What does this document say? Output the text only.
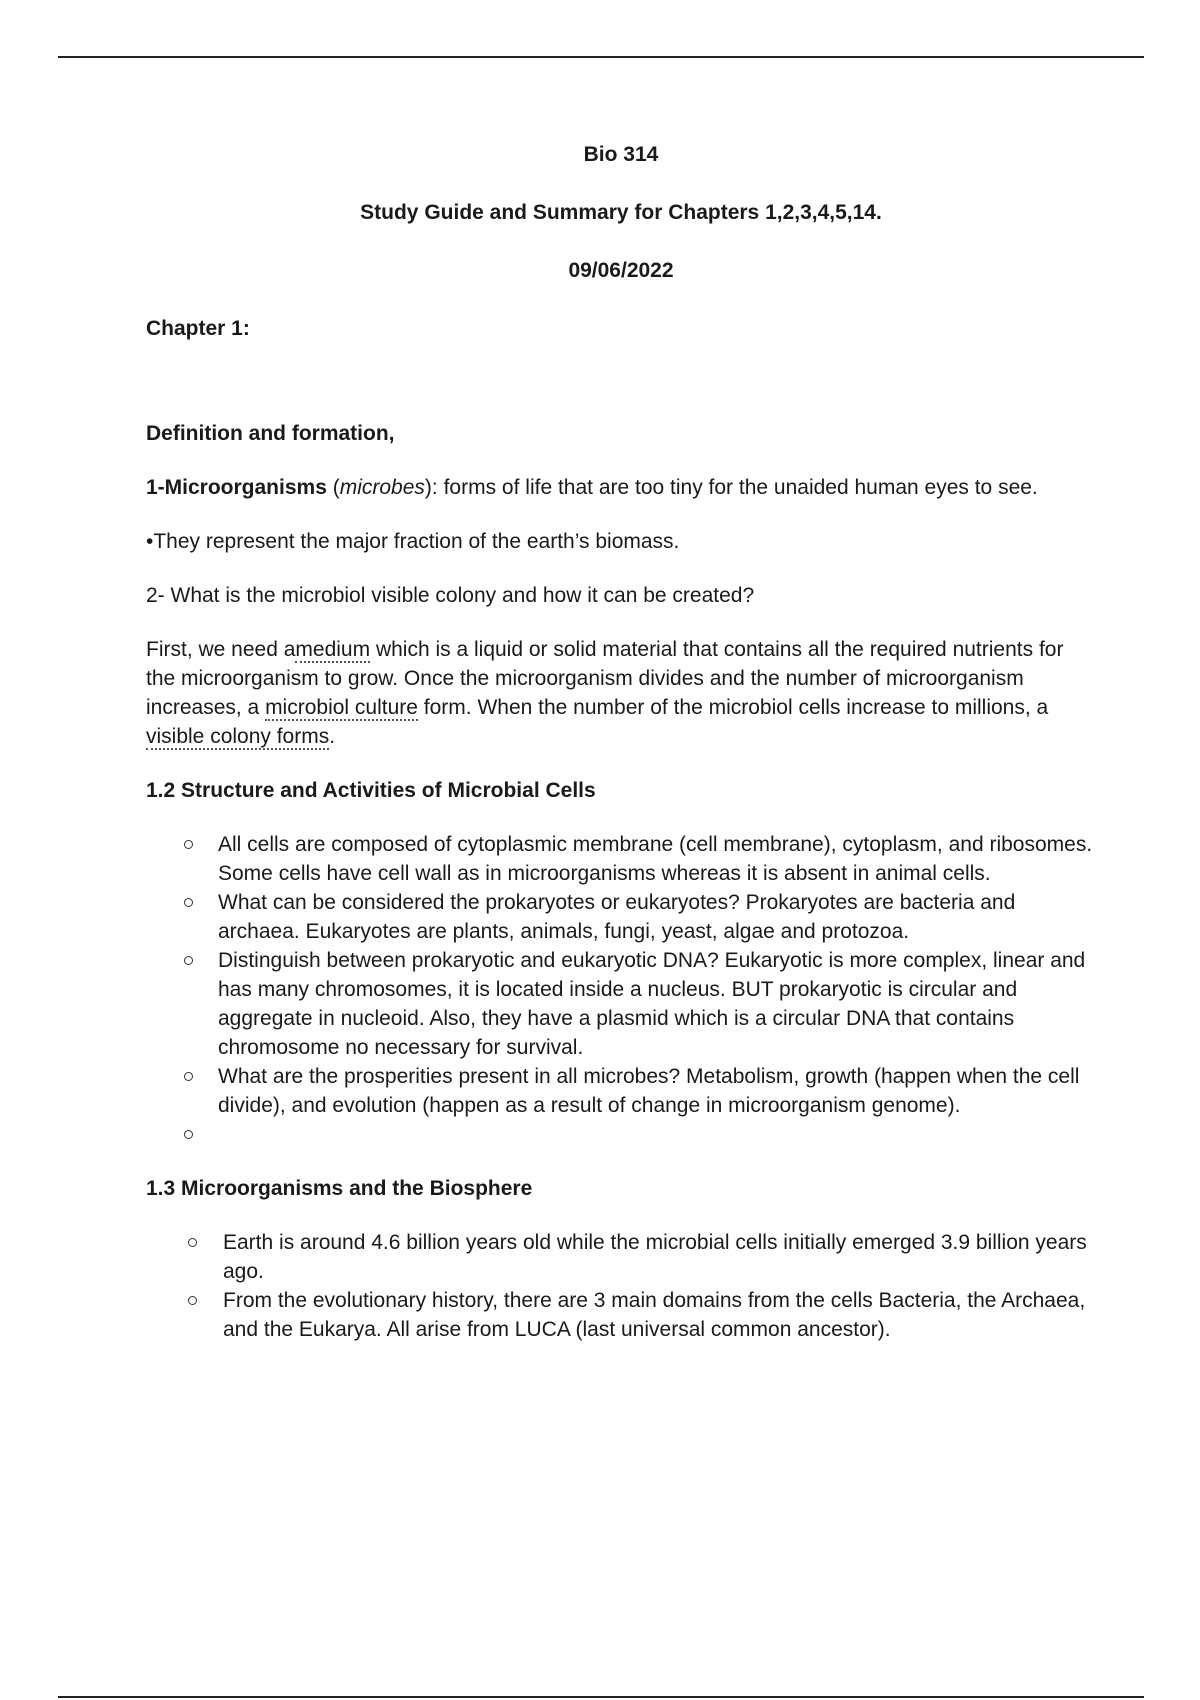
Bio 314

Study Guide and Summary for Chapters 1,2,3,4,5,14.

09/06/2022

Chapter 1:

Definition and formation,

1-Microorganisms (microbes): forms of life that are too tiny for the unaided human eyes to see.

•They represent the major fraction of the earth’s biomass.

2- What is the microbiol visible colony and how it can be created?

First, we need amedium which is a liquid or solid material that contains all the required nutrients for the microorganism to grow. Once the microorganism divides and the number of microorganism increases, a microbiol culture form. When the number of the microbiol cells increase to millions, a visible colony forms.

1.2 Structure and Activities of Microbial Cells

All cells are composed of cytoplasmic membrane (cell membrane), cytoplasm, and ribosomes. Some cells have cell wall as in microorganisms whereas it is absent in animal cells.
What can be considered the prokaryotes or eukaryotes? Prokaryotes are bacteria and archaea. Eukaryotes are plants, animals, fungi, yeast, algae and protozoa.
Distinguish between prokaryotic and eukaryotic DNA? Eukaryotic is more complex, linear and has many chromosomes, it is located inside a nucleus. BUT prokaryotic is circular and aggregate in nucleoid. Also, they have a plasmid which is a circular DNA that contains chromosome no necessary for survival.
What are the prosperities present in all microbes? Metabolism, growth (happen when the cell divide), and evolution (happen as a result of change in microorganism genome).

1.3 Microorganisms and the Biosphere

Earth is around 4.6 billion years old while the microbial cells initially emerged 3.9 billion years ago.
From the evolutionary history, there are 3 main domains from the cells Bacteria, the Archaea, and the Eukarya. All arise from LUCA (last universal common ancestor).
